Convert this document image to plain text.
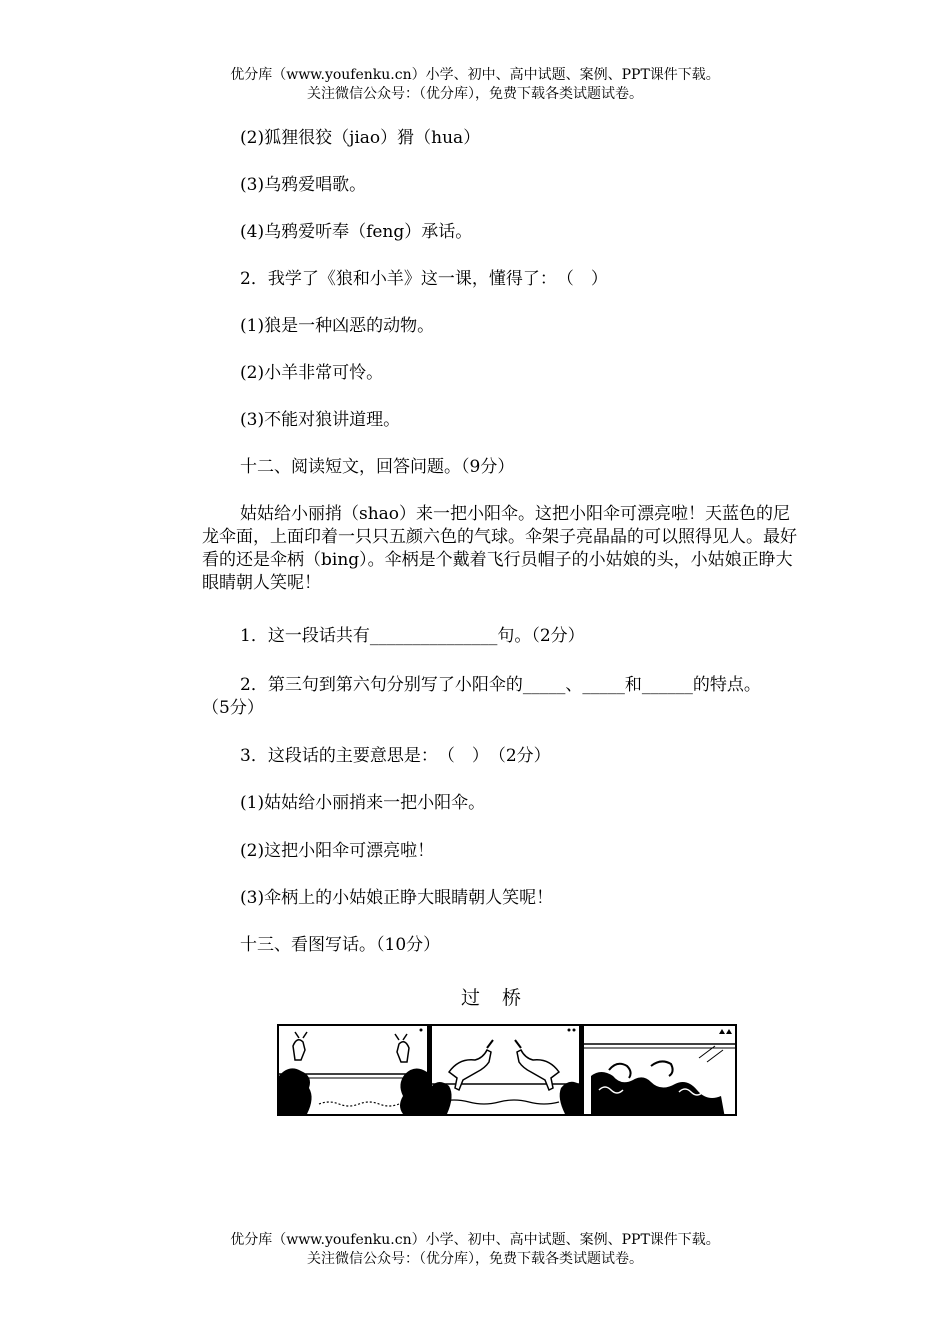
优分库（www.youfenku.cn）小学、初中、高中试题、案例、PPT课件下载。
关注微信公众号：（优分库），免费下载各类试题试卷。
(2)狐狸很狡（jiao）猾（hua）
(3)乌鸦爱唱歌。
(4)乌鸦爱听奉（feng）承话。
2．我学了《狼和小羊》这一课，懂得了：　（　）
(1)狼是一种凶恶的动物。
(2)小羊非常可怜。
(3)不能对狼讲道理。
十二、阅读短文，回答问题。（9分）
姑姑给小丽捎（shao）来一把小阳伞。这把小阳伞可漂亮啦！天蓝色的尼龙伞面，上面印着一只只五颜六色的气球。伞架子亮晶晶的可以照得见人。最好看的还是伞柄（bing）。伞柄是个戴着飞行员帽子的小姑娘的头，小姑娘正睁大眼睛朝人笑呢！
1．这一段话共有_______________句。（2分）
2．第三句到第六句分别写了小阳伞的_____、_____和______的特点。
（5分）
3．这段话的主要意思是：　（　）　（2分）
(1)姑姑给小丽捎来一把小阳伞。
(2)这把小阳伞可漂亮啦！
(3)伞柄上的小姑娘正睁大眼睛朝人笑呢！
十三、看图写话。（10分）
过 桥
优分库（www.youfenku.cn）小学、初中、高中试题、案例、PPT课件下载。
关注微信公众号：（优分库），免费下载各类试题试卷。
